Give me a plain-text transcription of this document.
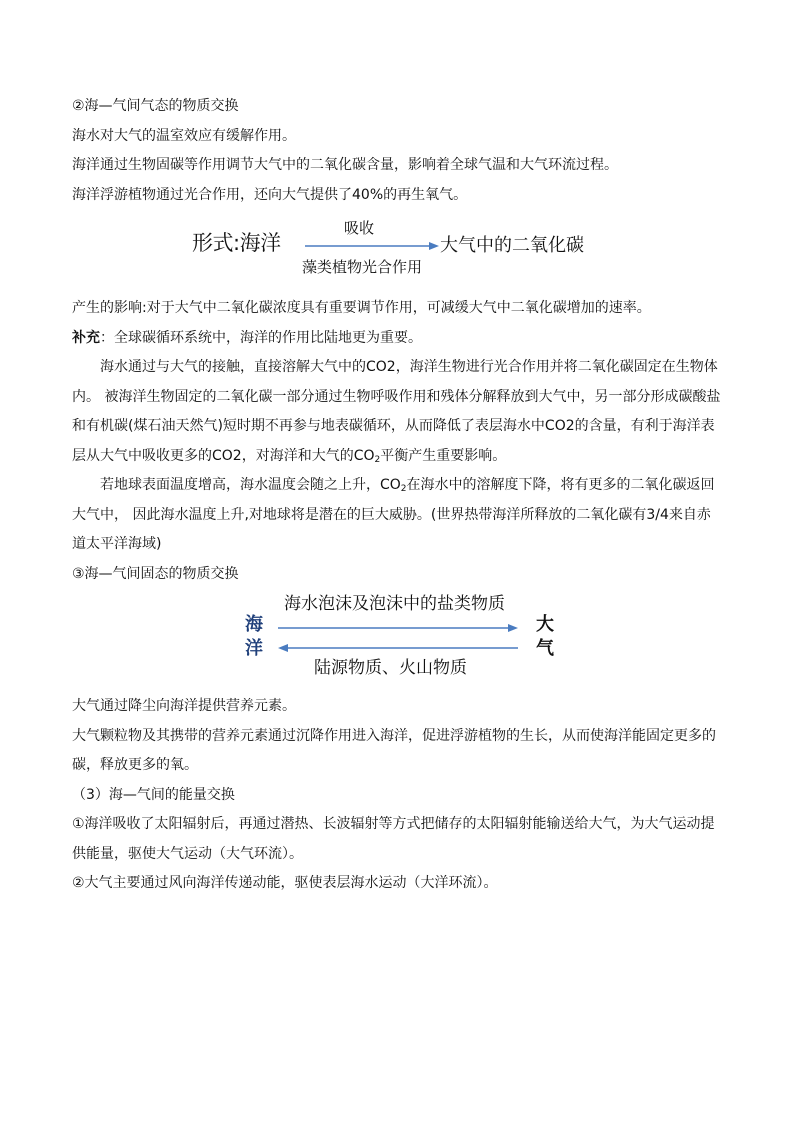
②海—气间气态的物质交换

海水对大气的温室效应有缓解作用。

海洋通过生物固碳等作用调节大气中的二氧化碳含量，影响着全球气温和大气环流过程。

海洋浮游植物通过光合作用，还向大气提供了40%的再生氧气。

形式:海洋
吸收
藻类植物光合作用
大气中的二氧化碳

产生的影响:对于大气中二氧化碳浓度具有重要调节作用，可减缓大气中二氧化碳增加的速率。

补充：全球碳循环系统中，海洋的作用比陆地更为重要。

海水通过与大气的接触，直接溶解大气中的CO2，海洋生物进行光合作用并将二氧化碳固定在生物体内。 被海洋生物固定的二氧化碳一部分通过生物呼吸作用和残体分解释放到大气中，另一部分形成碳酸盐和有机碳(煤石油天然气)短时期不再参与地表碳循环，从而降低了表层海水中CO2的含量，有利于海洋表层从大气中吸收更多的CO2，对海洋和大气的$CO_2$平衡产生重要影响。

若地球表面温度增高，海水温度会随之上升，$CO_2$在海水中的溶解度下降，将有更多的二氧化碳返回大气中， 因此海水温度上升,对地球将是潜在的巨大威胁。(世界热带海洋所释放的二氧化碳有3/4来自赤道太平洋海域)

③海—气间固态的物质交换

海
洋
海水泡沫及泡沫中的盐类物质
陆源物质、火山物质
大
气

大气通过降尘向海洋提供营养元素。

大气颗粒物及其携带的营养元素通过沉降作用进入海洋，促进浮游植物的生长，从而使海洋能固定更多的碳，释放更多的氧。

（3）海—气间的能量交换

①海洋吸收了太阳辐射后，再通过潜热、长波辐射等方式把储存的太阳辐射能输送给大气，为大气运动提供能量，驱使大气运动（大气环流）。

②大气主要通过风向海洋传递动能，驱使表层海水运动（大洋环流）。
